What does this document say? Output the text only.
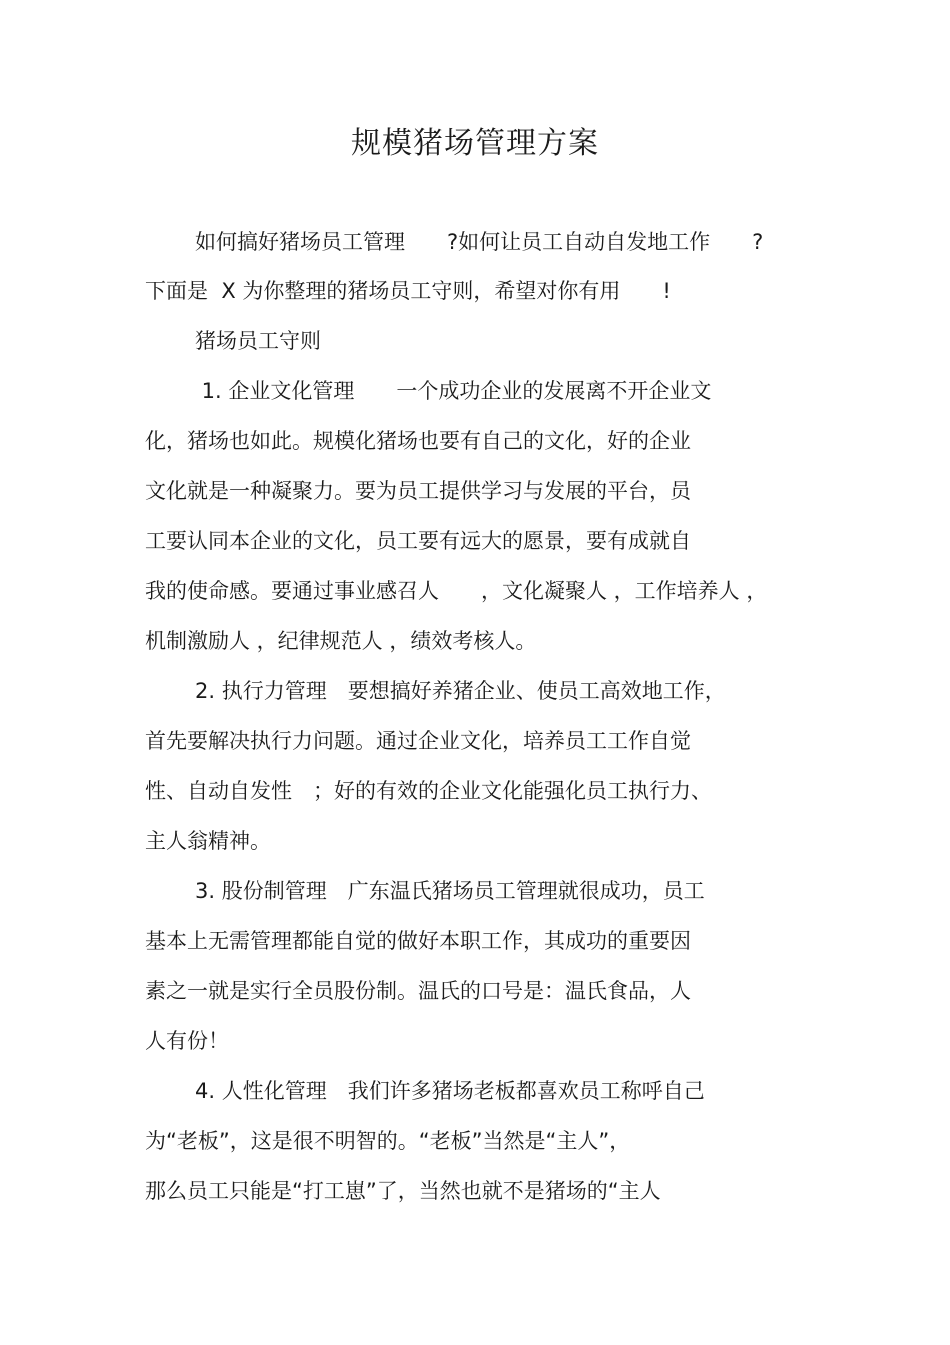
规模猪场管理方案

如何搞好猪场员工管理　　?如何让员工自动自发地工作　　?

下面是  X 为你整理的猪场员工守则，希望对你有用　　!

猪场员工守则

1. 企业文化管理　　一个成功企业的发展离不开企业文

化，猪场也如此。规模化猪场也要有自己的文化，好的企业

文化就是一种凝聚力。要为员工提供学习与发展的平台，员

工要认同本企业的文化，员工要有远大的愿景，要有成就自

我的使命感。要通过事业感召人　　，文化凝聚人 ，工作培养人 ，

机制激励人 ，纪律规范人 ，绩效考核人。

2. 执行力管理　要想搞好养猪企业、使员工高效地工作，

首先要解决执行力问题。通过企业文化，培养员工工作自觉

性、自动自发性　；好的有效的企业文化能强化员工执行力、

主人翁精神。

3. 股份制管理　广东温氏猪场员工管理就很成功，员工

基本上无需管理都能自觉的做好本职工作，其成功的重要因

素之一就是实行全员股份制。温氏的口号是：温氏食品，人

人有份！

4. 人性化管理　我们许多猪场老板都喜欢员工称呼自己

为“老板”，这是很不明智的。“老板”当然是“主人”，

那么员工只能是“打工崽”了，当然也就不是猪场的“主人
